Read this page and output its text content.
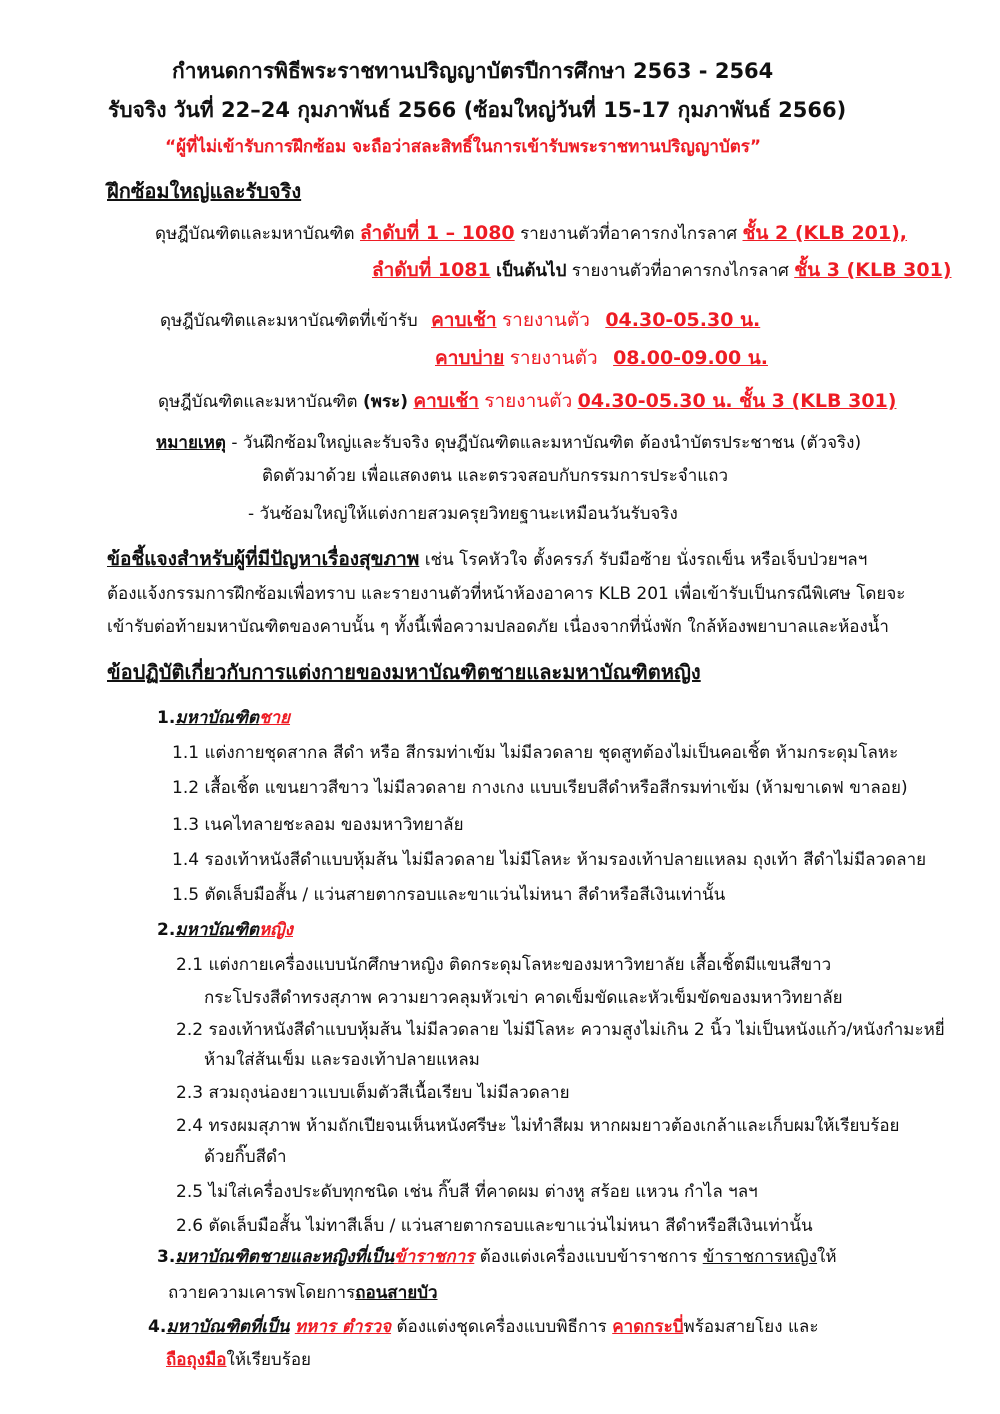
กำหนดการพิธีพระราชทานปริญญาบัตรปีการศึกษา 2563 - 2564
รับจริง วันที่ 22–24 กุมภาพันธ์ 2566 (ซ้อมใหญ่วันที่ 15-17 กุมภาพันธ์ 2566)
“ผู้ที่ไม่เข้ารับการฝึกซ้อม จะถือว่าสละสิทธิ์ในการเข้ารับพระราชทานปริญญาบัตร”
ฝึกซ้อมใหญ่และรับจริง
ดุษฎีบัณฑิตและมหาบัณฑิต ลำดับที่ 1 – 1080 รายงานตัวที่อาคารกงไกรลาศ ชั้น 2 (KLB 201),
ลำดับที่ 1081 เป็นต้นไป รายงานตัวที่อาคารกงไกรลาศ ชั้น 3 (KLB 301)
ดุษฎีบัณฑิตและมหาบัณฑิตที่เข้ารับ คาบเช้า รายงานตัว 04.30-05.30 น.
คาบบ่าย รายงานตัว 08.00-09.00 น.
ดุษฎีบัณฑิตและมหาบัณฑิต (พระ) คาบเช้า รายงานตัว 04.30-05.30 น. ชั้น 3 (KLB 301)
หมายเหตุ - วันฝึกซ้อมใหญ่และรับจริง ดุษฎีบัณฑิตและมหาบัณฑิต ต้องนำบัตรประชาชน (ตัวจริง)
ติดตัวมาด้วย เพื่อแสดงตน และตรวจสอบกับกรรมการประจำแถว
- วันซ้อมใหญ่ให้แต่งกายสวมครุยวิทยฐานะเหมือนวันรับจริง
ข้อชี้แจงสำหรับผู้ที่มีปัญหาเรื่องสุขภาพ เช่น โรคหัวใจ ตั้งครรภ์ รับมือซ้าย นั่งรถเข็น หรือเจ็บป่วยฯลฯ
ต้องแจ้งกรรมการฝึกซ้อมเพื่อทราบ และรายงานตัวที่หน้าห้องอาคาร KLB 201 เพื่อเข้ารับเป็นกรณีพิเศษ โดยจะ
เข้ารับต่อท้ายมหาบัณฑิตของคาบนั้น ๆ ทั้งนี้เพื่อความปลอดภัย เนื่องจากที่นั่งพัก ใกล้ห้องพยาบาลและห้องน้ำ
ข้อปฏิบัติเกี่ยวกับการแต่งกายของมหาบัณฑิตชายและมหาบัณฑิตหญิง
1.มหาบัณฑิตชาย
1.1 แต่งกายชุดสากล สีดำ หรือ สีกรมท่าเข้ม ไม่มีลวดลาย ชุดสูทต้องไม่เป็นคอเชิ้ต ห้ามกระดุมโลหะ
1.2 เสื้อเชิ้ต แขนยาวสีขาว ไม่มีลวดลาย กางเกง แบบเรียบสีดำหรือสีกรมท่าเข้ม (ห้ามขาเดฟ ขาลอย)
1.3 เนคไทลายชะลอม ของมหาวิทยาลัย
1.4 รองเท้าหนังสีดำแบบหุ้มส้น ไม่มีลวดลาย ไม่มีโลหะ ห้ามรองเท้าปลายแหลม ถุงเท้า สีดำไม่มีลวดลาย
1.5 ตัดเล็บมือสั้น / แว่นสายตากรอบและขาแว่นไม่หนา สีดำหรือสีเงินเท่านั้น
2.มหาบัณฑิตหญิง
2.1 แต่งกายเครื่องแบบนักศึกษาหญิง ติดกระดุมโลหะของมหาวิทยาลัย เสื้อเชิ้ตมีแขนสีขาว
กระโปรงสีดำทรงสุภาพ ความยาวคลุมหัวเข่า คาดเข็มขัดและหัวเข็มขัดของมหาวิทยาลัย
2.2 รองเท้าหนังสีดำแบบหุ้มส้น ไม่มีลวดลาย ไม่มีโลหะ ความสูงไม่เกิน 2 นิ้ว ไม่เป็นหนังแก้ว/หนังกำมะหยี่
ห้ามใส่ส้นเข็ม และรองเท้าปลายแหลม
2.3 สวมถุงน่องยาวแบบเต็มตัวสีเนื้อเรียบ ไม่มีลวดลาย
2.4 ทรงผมสุภาพ ห้ามถักเปียจนเห็นหนังศรีษะ ไม่ทำสีผม หากผมยาวต้องเกล้าและเก็บผมให้เรียบร้อย
ด้วยกิ๊บสีดำ
2.5 ไม่ใส่เครื่องประดับทุกชนิด เช่น กิ๊บสี ที่คาดผม ต่างหู สร้อย แหวน กำไล ฯลฯ
2.6 ตัดเล็บมือสั้น ไม่ทาสีเล็บ / แว่นสายตากรอบและขาแว่นไม่หนา สีดำหรือสีเงินเท่านั้น
3.มหาบัณฑิตชายและหญิงที่เป็นข้าราชการ ต้องแต่งเครื่องแบบข้าราชการ ข้าราชการหญิงให้
ถวายความเคารพโดยการถอนสายบัว
4.มหาบัณฑิตที่เป็น ทหาร ตำรวจ ต้องแต่งชุดเครื่องแบบพิธีการ คาดกระบี่พร้อมสายโยง และ
ถือถุงมือให้เรียบร้อย
